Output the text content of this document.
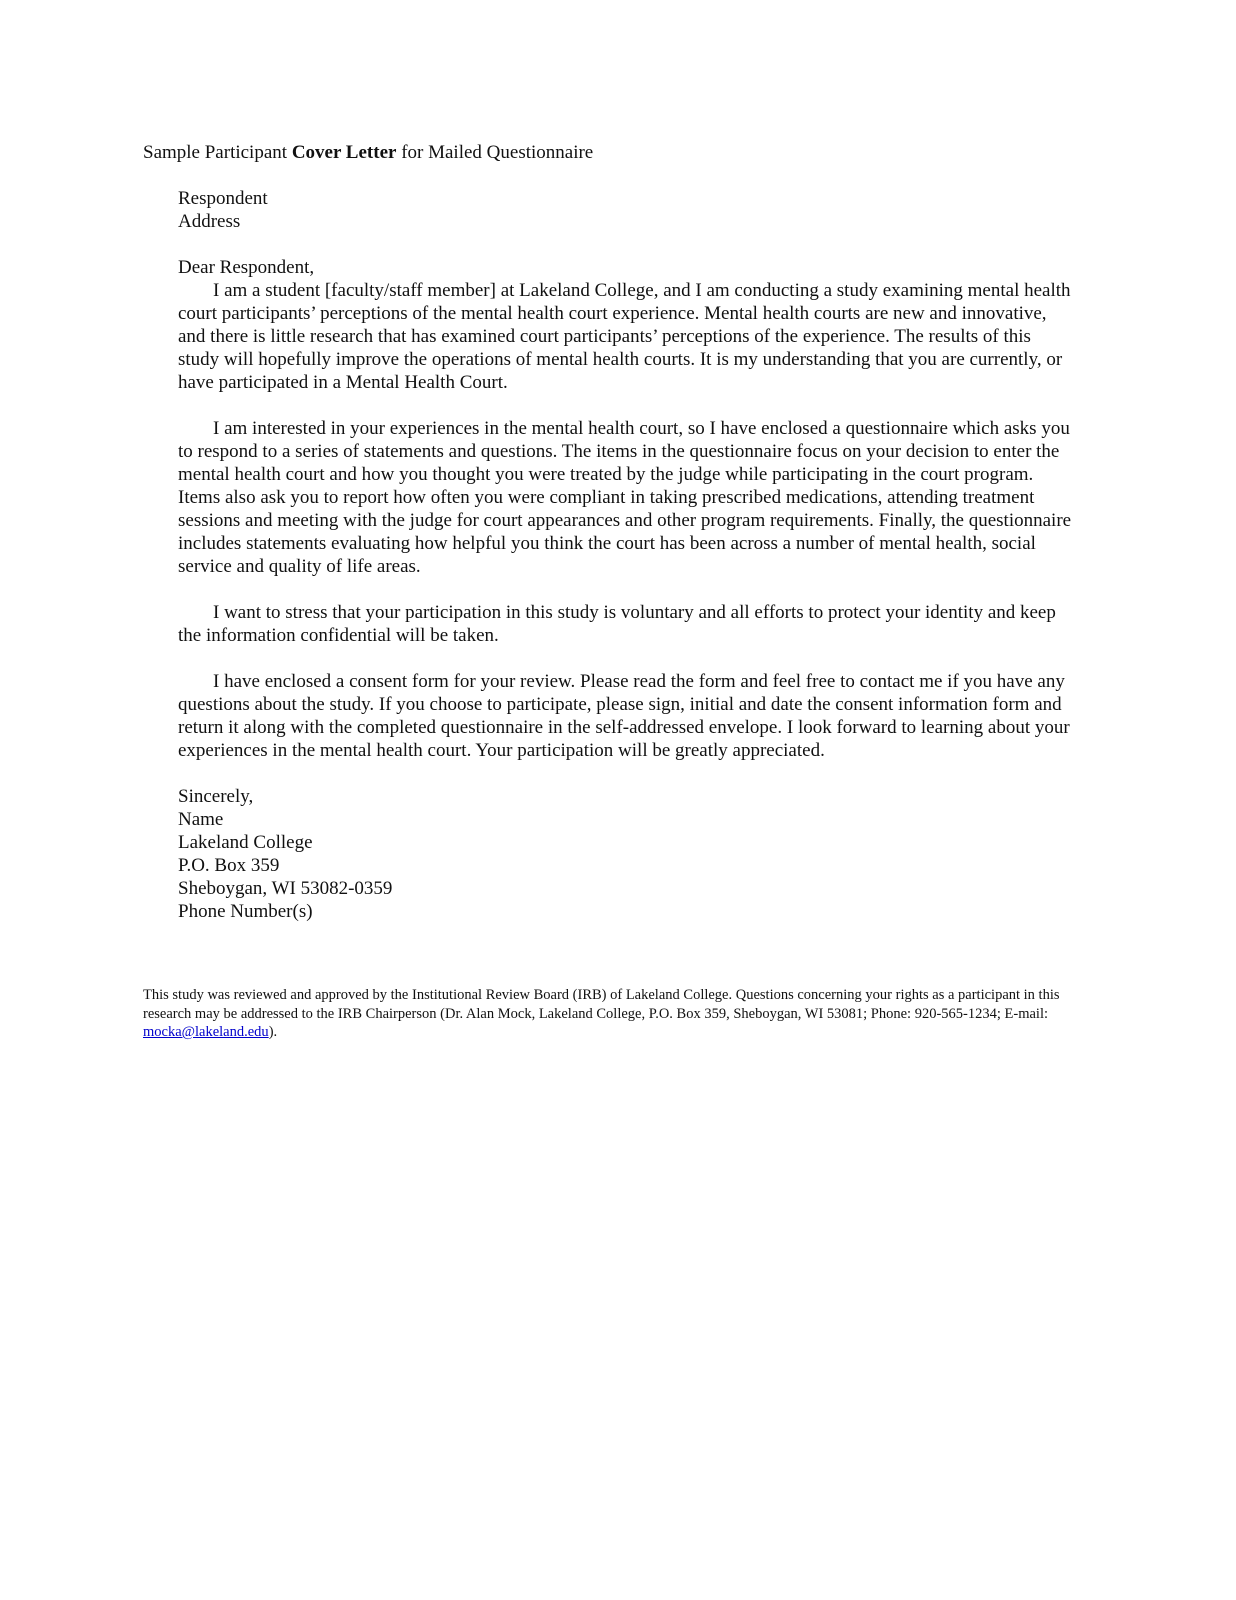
Sample Participant Cover Letter for Mailed Questionnaire
Respondent
Address
Dear Respondent,

I am a student [faculty/staff member] at Lakeland College, and I am conducting a study examining mental health court participants’ perceptions of the mental health court experience. Mental health courts are new and innovative, and there is little research that has examined court participants’ perceptions of the experience. The results of this study will hopefully improve the operations of mental health courts. It is my understanding that you are currently, or have participated in a Mental Health Court.

I am interested in your experiences in the mental health court, so I have enclosed a questionnaire which asks you to respond to a series of statements and questions. The items in the questionnaire focus on your decision to enter the mental health court and how you thought you were treated by the judge while participating in the court program. Items also ask you to report how often you were compliant in taking prescribed medications, attending treatment sessions and meeting with the judge for court appearances and other program requirements. Finally, the questionnaire includes statements evaluating how helpful you think the court has been across a number of mental health, social service and quality of life areas.

I want to stress that your participation in this study is voluntary and all efforts to protect your identity and keep the information confidential will be taken.

I have enclosed a consent form for your review. Please read the form and feel free to contact me if you have any questions about the study. If you choose to participate, please sign, initial and date the consent information form and return it along with the completed questionnaire in the self-addressed envelope. I look forward to learning about your experiences in the mental health court. Your participation will be greatly appreciated.

Sincerely,
Name
Lakeland College
P.O. Box 359
Sheboygan, WI 53082-0359
Phone Number(s)
This study was reviewed and approved by the Institutional Review Board (IRB) of Lakeland College. Questions concerning your rights as a participant in this research may be addressed to the IRB Chairperson (Dr. Alan Mock, Lakeland College, P.O. Box 359, Sheboygan, WI 53081; Phone: 920-565-1234; E-mail: mocka@lakeland.edu).
